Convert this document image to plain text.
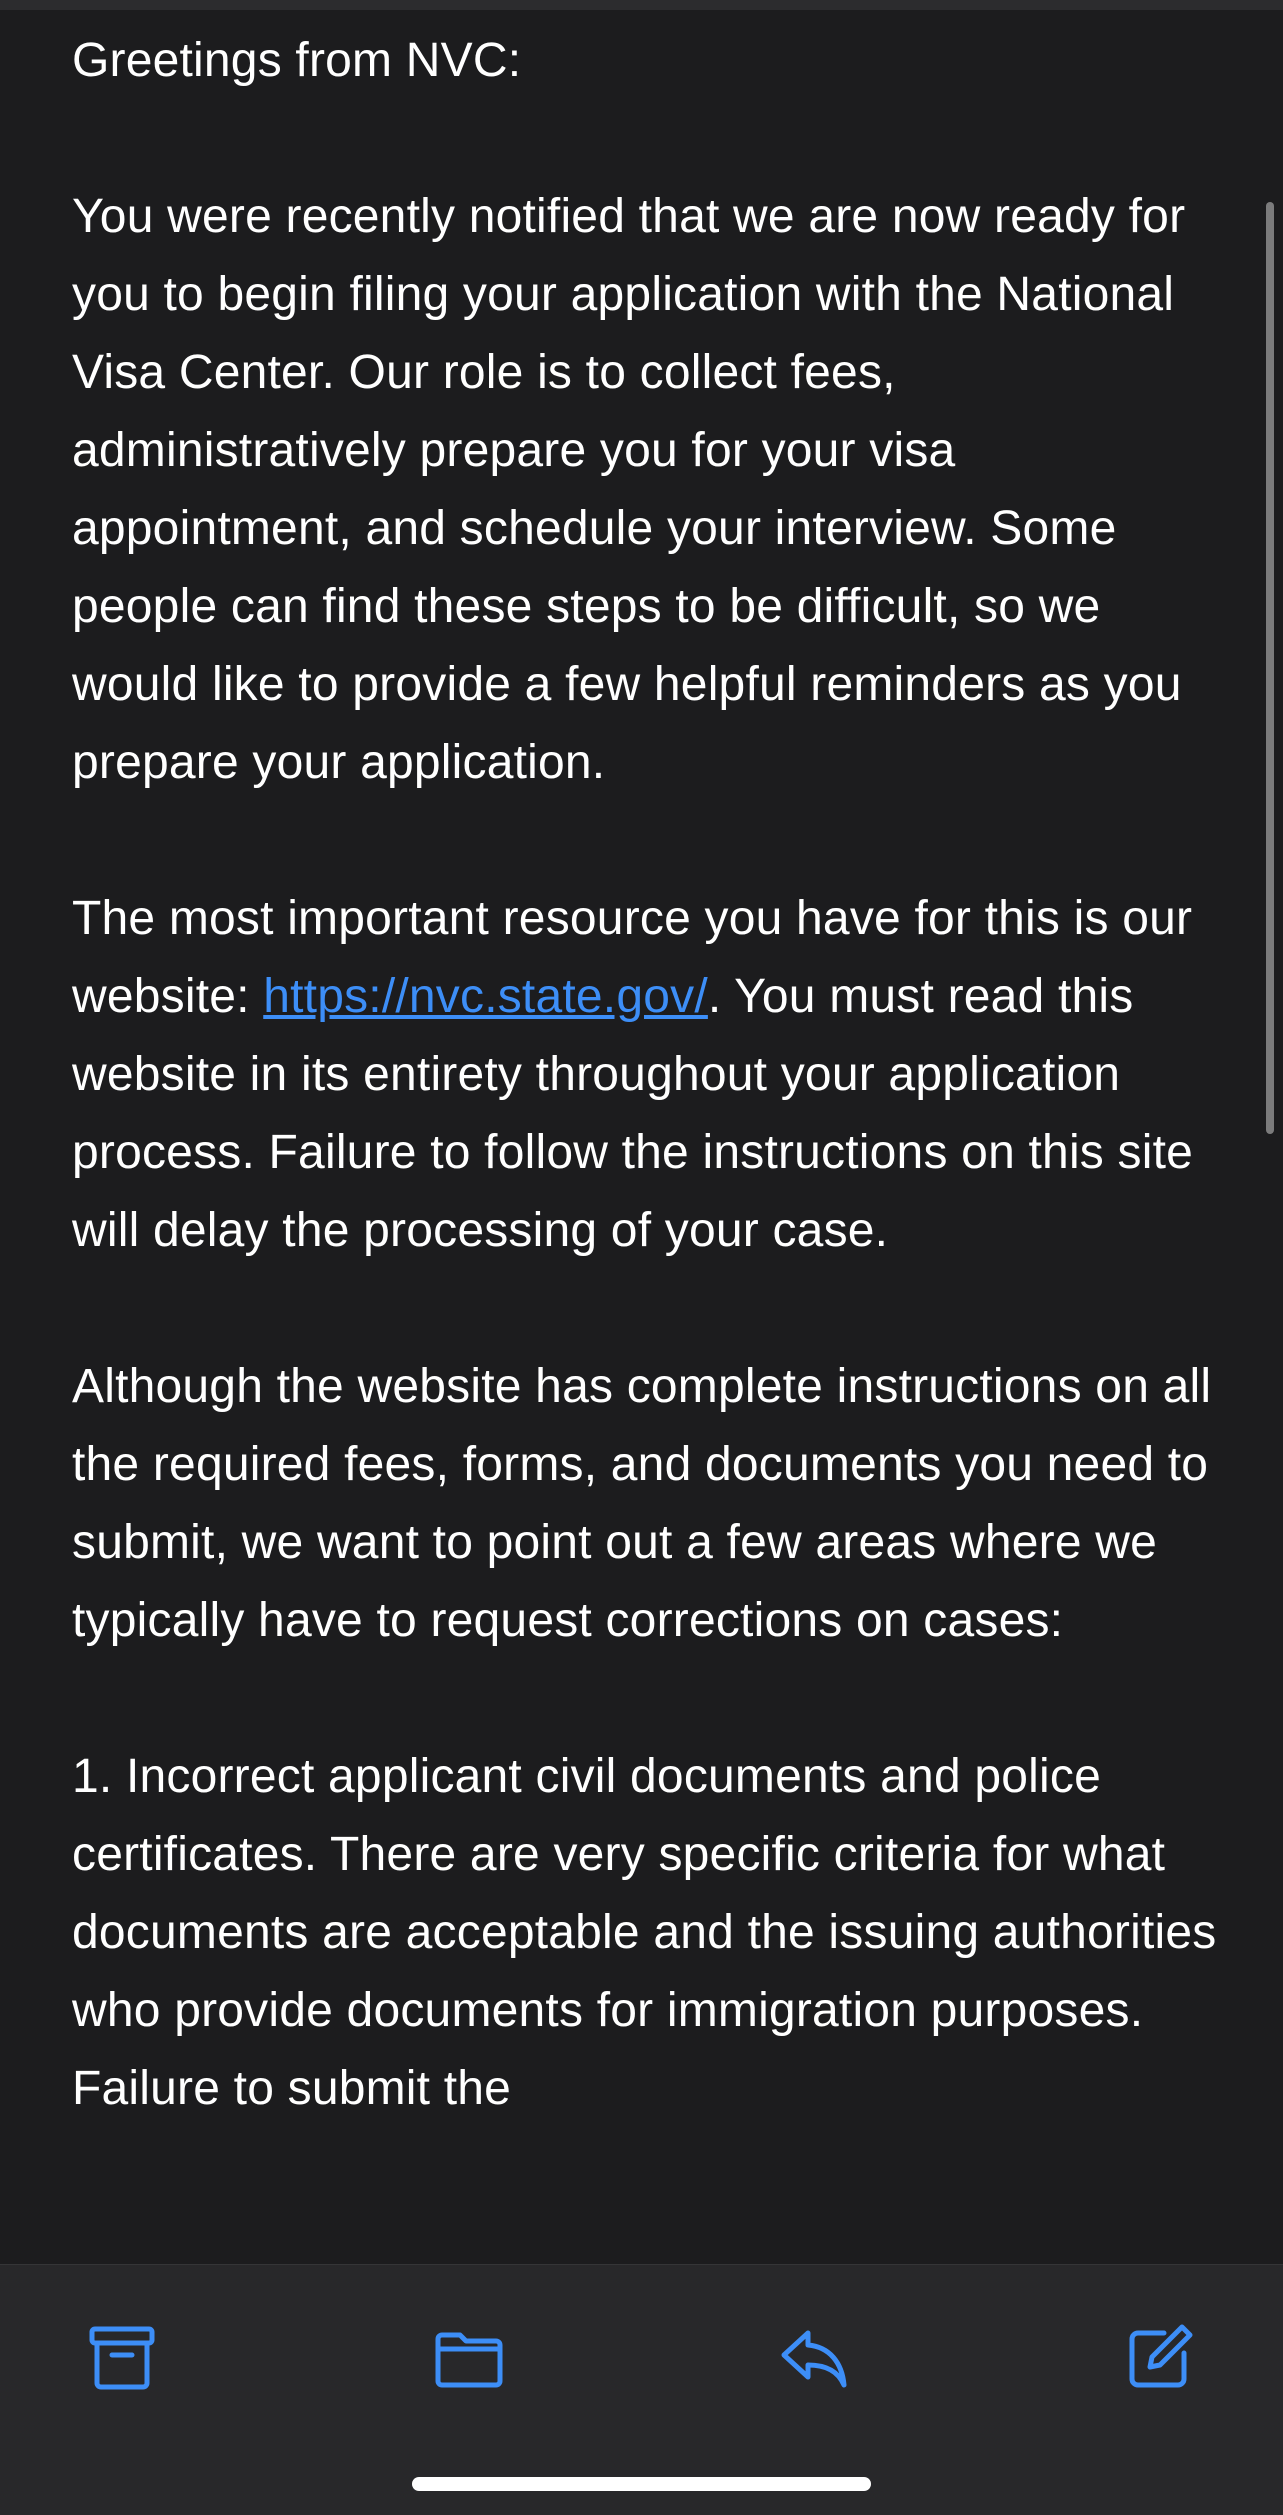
Greetings from NVC:

You were recently notified that we are now ready for you to begin filing your application with the National Visa Center. Our role is to collect fees, administratively prepare you for your visa appointment, and schedule your interview. Some people can find these steps to be difficult, so we would like to provide a few helpful reminders as you prepare your application.

The most important resource you have for this is our website: https://nvc.state.gov/. You must read this website in its entirety throughout your application process. Failure to follow the instructions on this site will delay the processing of your case.

Although the website has complete instructions on all the required fees, forms, and documents you need to submit, we want to point out a few areas where we typically have to request corrections on cases:

1. Incorrect applicant civil documents and police certificates. There are very specific criteria for what documents are acceptable and the issuing authorities who provide documents for immigration purposes. Failure to submit the
